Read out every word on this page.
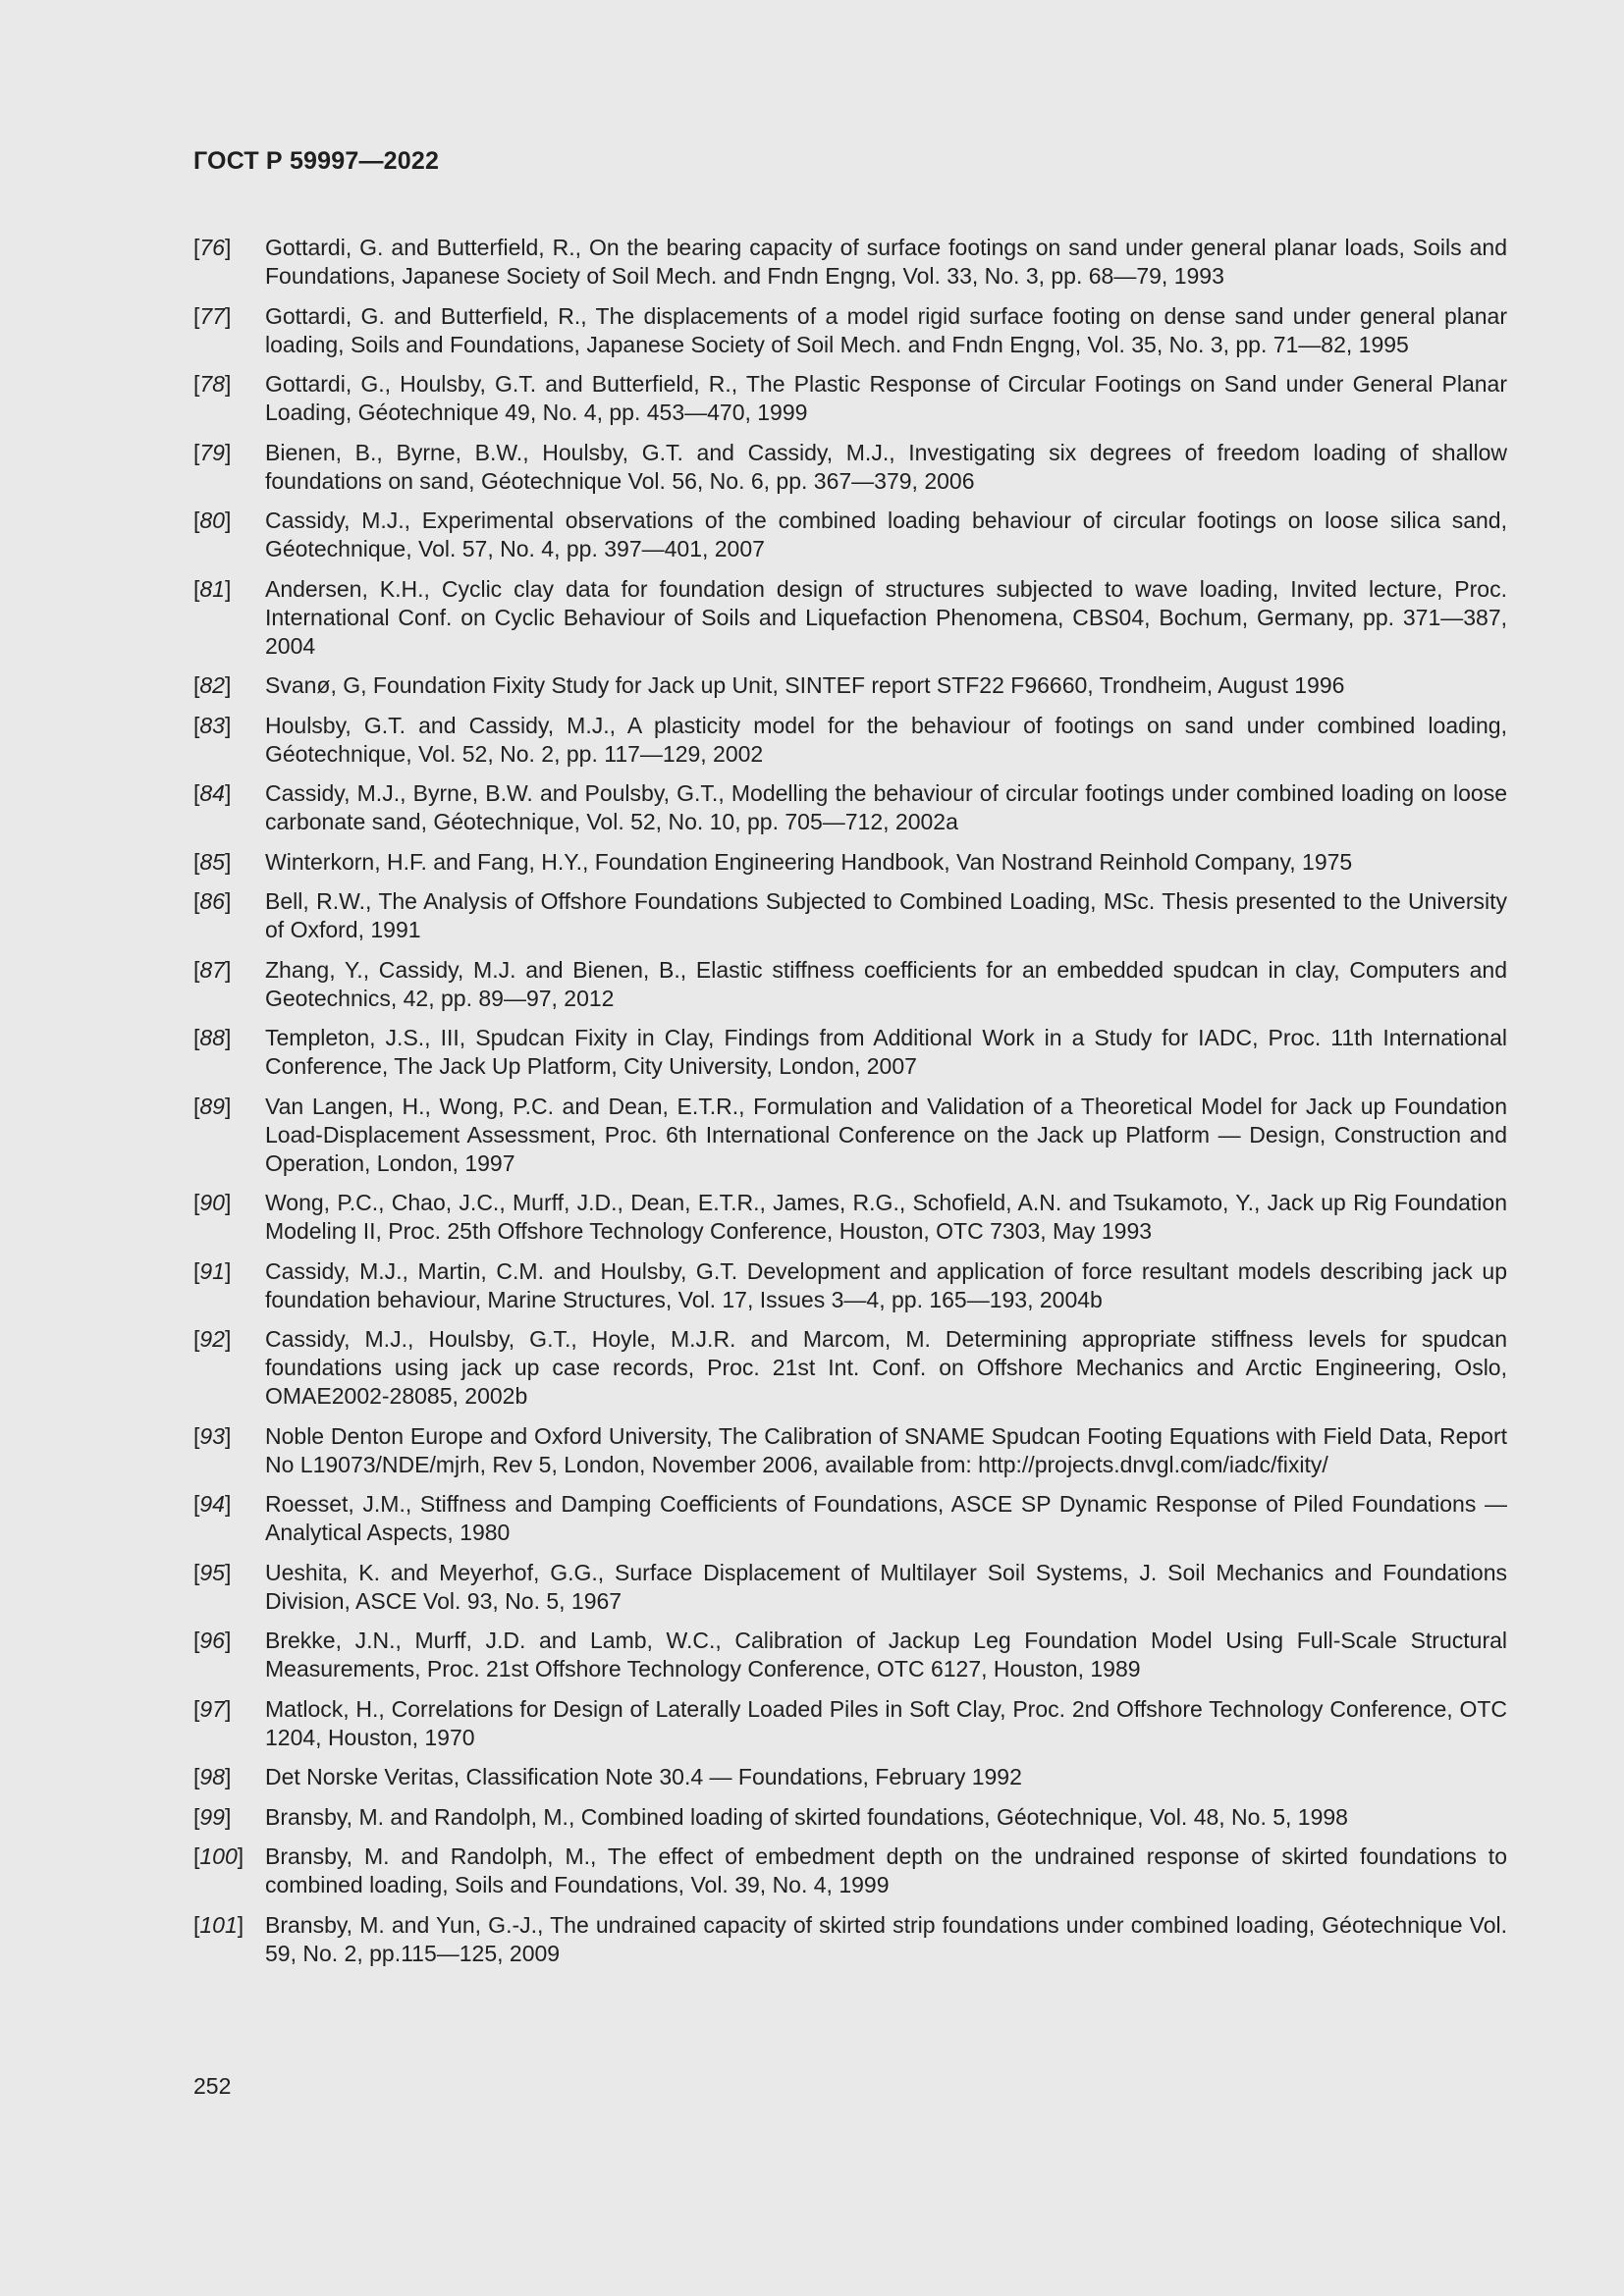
ГОСТ Р 59997—2022
[76]	Gottardi, G. and Butterfield, R., On the bearing capacity of surface footings on sand under general planar loads, Soils and Foundations, Japanese Society of Soil Mech. and Fndn Engng, Vol. 33, No. 3, pp. 68—79, 1993
[77]	Gottardi, G. and Butterfield, R., The displacements of a model rigid surface footing on dense sand under general planar loading, Soils and Foundations, Japanese Society of Soil Mech. and Fndn Engng, Vol. 35, No. 3, pp. 71—82, 1995
[78]	Gottardi, G., Houlsby, G.T. and Butterfield, R., The Plastic Response of Circular Footings on Sand under General Planar Loading, Géotechnique 49, No. 4, pp. 453—470, 1999
[79]	Bienen, B., Byrne, B.W., Houlsby, G.T. and Cassidy, M.J., Investigating six degrees of freedom loading of shallow foundations on sand, Géotechnique Vol. 56, No. 6, pp. 367—379, 2006
[80]	Cassidy, M.J., Experimental observations of the combined loading behaviour of circular footings on loose silica sand, Géotechnique, Vol. 57, No. 4, pp. 397—401, 2007
[81]	Andersen, K.H., Cyclic clay data for foundation design of structures subjected to wave loading, Invited lecture, Proc. International Conf. on Cyclic Behaviour of Soils and Liquefaction Phenomena, CBS04, Bochum, Germany, pp. 371—387, 2004
[82]	Svanø, G, Foundation Fixity Study for Jack up Unit, SINTEF report STF22 F96660, Trondheim, August 1996
[83]	Houlsby, G.T. and Cassidy, M.J., A plasticity model for the behaviour of footings on sand under combined loading, Géotechnique, Vol. 52, No. 2, pp. 117—129, 2002
[84]	Cassidy, M.J., Byrne, B.W. and Poulsby, G.T., Modelling the behaviour of circular footings under combined loading on loose carbonate sand, Géotechnique, Vol. 52, No. 10, pp. 705—712, 2002a
[85]	Winterkorn, H.F. and Fang, H.Y., Foundation Engineering Handbook, Van Nostrand Reinhold Company, 1975
[86]	Bell, R.W., The Analysis of Offshore Foundations Subjected to Combined Loading, MSc. Thesis presented to the University of Oxford, 1991
[87]	Zhang, Y., Cassidy, M.J. and Bienen, B., Elastic stiffness coefficients for an embedded spudcan in clay, Computers and Geotechnics, 42, pp. 89—97, 2012
[88]	Templeton, J.S., III, Spudcan Fixity in Clay, Findings from Additional Work in a Study for IADC, Proc. 11th International Conference, The Jack Up Platform, City University, London, 2007
[89]	Van Langen, H., Wong, P.C. and Dean, E.T.R., Formulation and Validation of a Theoretical Model for Jack up Foundation Load-Displacement Assessment, Proc. 6th International Conference on the Jack up Platform — Design, Construction and Operation, London, 1997
[90]	Wong, P.C., Chao, J.C., Murff, J.D., Dean, E.T.R., James, R.G., Schofield, A.N. and Tsukamoto, Y., Jack up Rig Foundation Modeling II, Proc. 25th Offshore Technology Conference, Houston, OTC 7303, May 1993
[91]	Cassidy, M.J., Martin, C.M. and Houlsby, G.T. Development and application of force resultant models describing jack up foundation behaviour, Marine Structures, Vol. 17, Issues 3—4, pp. 165—193, 2004b
[92]	Cassidy, M.J., Houlsby, G.T., Hoyle, M.J.R. and Marcom, M. Determining appropriate stiffness levels for spudcan foundations using jack up case records, Proc. 21st Int. Conf. on Offshore Mechanics and Arctic Engineering, Oslo, OMAE2002-28085, 2002b
[93]	Noble Denton Europe and Oxford University, The Calibration of SNAME Spudcan Footing Equations with Field Data, Report No L19073/NDE/mjrh, Rev 5, London, November 2006, available from: http://projects.dnvgl.com/iadc/fixity/
[94]	Roesset, J.M., Stiffness and Damping Coefficients of Foundations, ASCE SP Dynamic Response of Piled Foundations — Analytical Aspects, 1980
[95]	Ueshita, K. and Meyerhof, G.G., Surface Displacement of Multilayer Soil Systems, J. Soil Mechanics and Foundations Division, ASCE Vol. 93, No. 5, 1967
[96]	Brekke, J.N., Murff, J.D. and Lamb, W.C., Calibration of Jackup Leg Foundation Model Using Full-Scale Structural Measurements, Proc. 21st Offshore Technology Conference, OTC 6127, Houston, 1989
[97]	Matlock, H., Correlations for Design of Laterally Loaded Piles in Soft Clay, Proc. 2nd Offshore Technology Conference, OTC 1204, Houston, 1970
[98]	Det Norske Veritas, Classification Note 30.4 — Foundations, February 1992
[99]	Bransby, M. and Randolph, M., Combined loading of skirted foundations, Géotechnique, Vol. 48, No. 5, 1998
[100] Bransby, M. and Randolph, M., The effect of embedment depth on the undrained response of skirted foundations to combined loading, Soils and Foundations, Vol. 39, No. 4, 1999
[101] Bransby, M. and Yun, G.-J., The undrained capacity of skirted strip foundations under combined loading, Géotechnique Vol. 59, No. 2, pp.115—125, 2009
252
